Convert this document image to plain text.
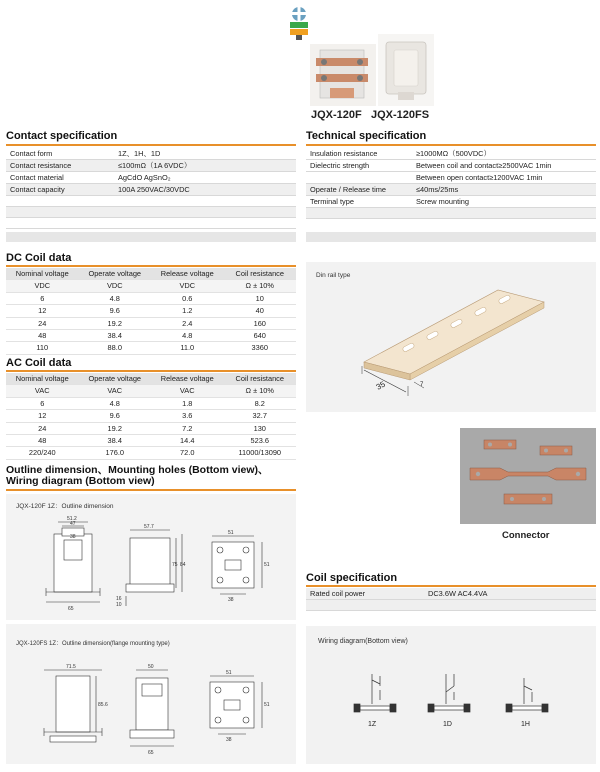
JQX-120F JQX-120FS
Contact specification
Contact form	1Z、1H、1D
Contact resistance	≤100mΩ（1A 6VDC）
Contact material	AgCdO AgSnO₂
Contact capacity	100A 250VAC/30VDC

Technical specification
Insulation resistance	≥1000MΩ（500VDC）
Dielectric strength	Between coil and contact≥2500VAC 1min
	Between open contact≥1200VAC 1min
Operate / Release time	≤40ms/25ms
Terminal type	Screw mounting

DC Coil data
Nominal voltage	Operate voltage	Release voltage	Coil resistance
VDC	VDC	VDC	Ω ± 10%
6	4.8	0.6	10
12	9.6	1.2	40
24	19.2	2.4	160
48	38.4	4.8	640
110	88.0	11.0	3360
AC Coil data
Nominal voltage	Operate voltage	Release voltage	Coil resistance
VAC	VAC	VAC	Ω ± 10%
6	4.8	1.8	8.2
12	9.6	3.6	32.7
24	19.2	7.2	130
48	38.4	14.4	523.6
220/240	176.0	72.0	11000/13090
Din rail type
35	7
Outline dimension、Mounting holes (Bottom view)、
Wiring diagram (Bottom view)
JQX-120F 1Z：Outline dimension
51.2
47
38
65
57.7
75 84
16
10
51
51
38
JQX-120FS 1Z：Outline dimension(flange mounting type)
71.5
85.6
50
65
51
51
38
Connector
Coil specification
Rated coil power	DC3.6W AC4.4VA

Wiring diagram(Bottom view)
1Z	1D	1H
